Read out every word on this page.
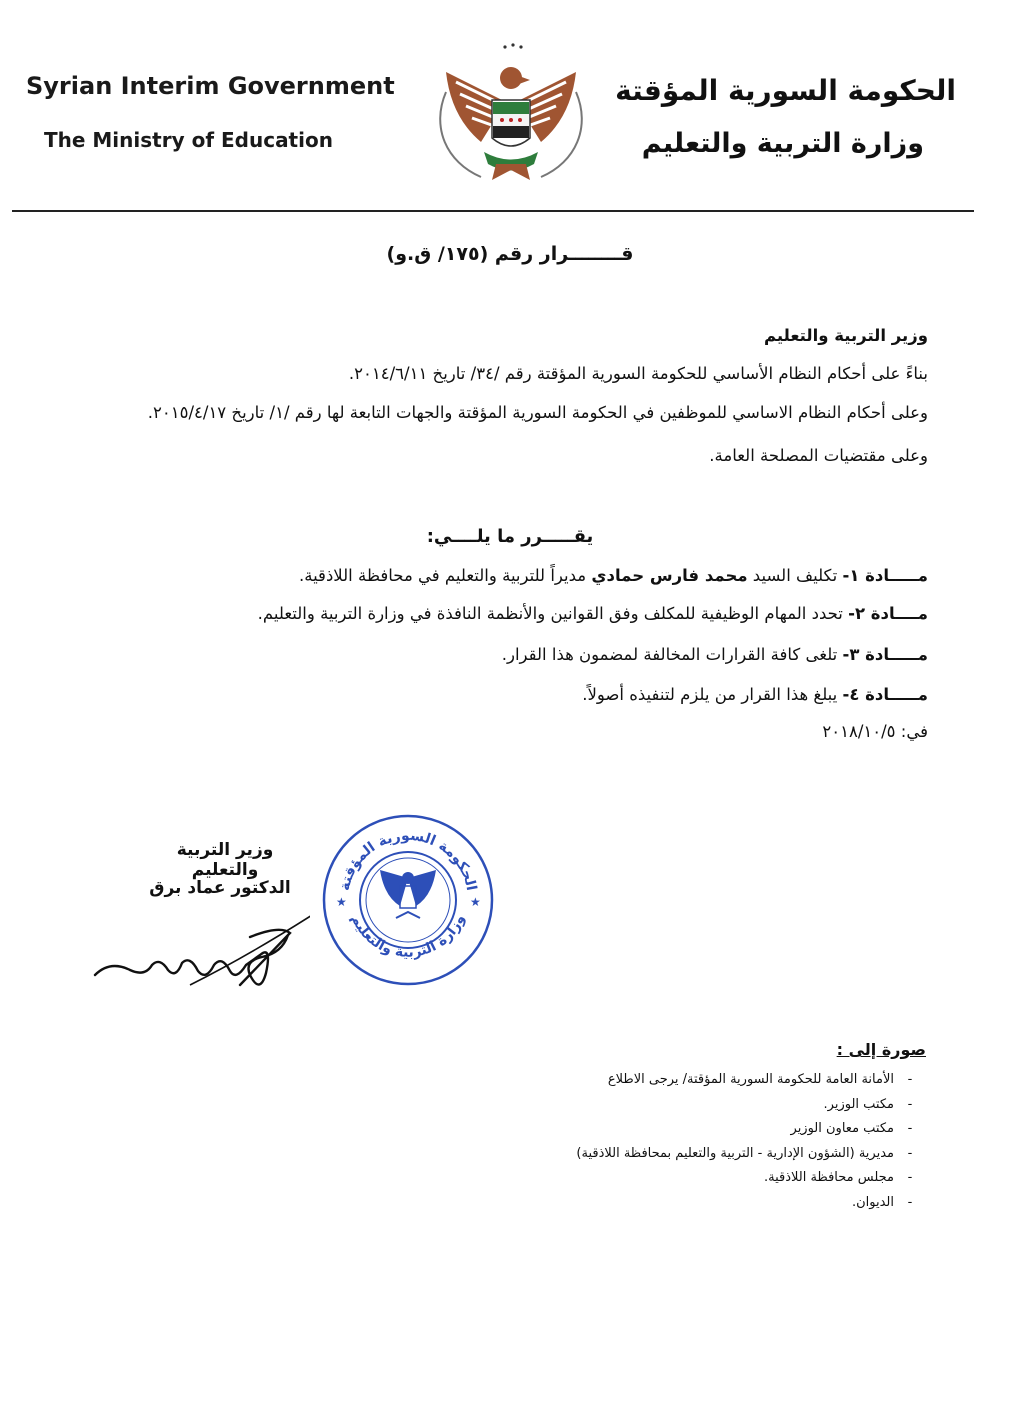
Syrian Interim Government
The Ministry of Education
الحكومة السورية المؤقتة
وزارة التربية والتعليم
قــــــــرار رقم (١٧٥/ ق.و)
وزير التربية والتعليم
بناءً على أحكام النظام الأساسي للحكومة السورية المؤقتة رقم /٣٤/ تاريخ ٢٠١٤/٦/١١.
وعلى أحكام النظام الاساسي للموظفين في الحكومة السورية المؤقتة والجهات التابعة لها رقم /١/ تاريخ ٢٠١٥/٤/١٧.
وعلى مقتضيات المصلحة العامة.
يقـــــرر ما يلــــي:
مـــــادة ١- تكليف السيد محمد فارس حمادي مديراً للتربية والتعليم في محافظة اللاذقية.
مــــادة ٢- تحدد المهام الوظيفية للمكلف وفق القوانين والأنظمة النافذة في وزارة التربية والتعليم.
مـــــادة ٣- تلغى كافة القرارات المخالفة لمضمون هذا القرار.
مـــــادة ٤- يبلغ هذا القرار من يلزم لتنفيذه أصولاً.
في: ٢٠١٨/١٠/٥
وزير التربية والتعليم
الدكتور عماد برق	الحكومة السورية المؤقتة
وزارة التربية والتعليم
★	★
صورة إلى :
-الأمانة العامة للحكومة السورية المؤقتة/ يرجى الاطلاع
-مكتب الوزير.
-مكتب معاون الوزير
-مديرية (الشؤون الإدارية - التربية والتعليم بمحافظة اللاذقية)
-مجلس محافظة اللاذقية.
-الديوان.
